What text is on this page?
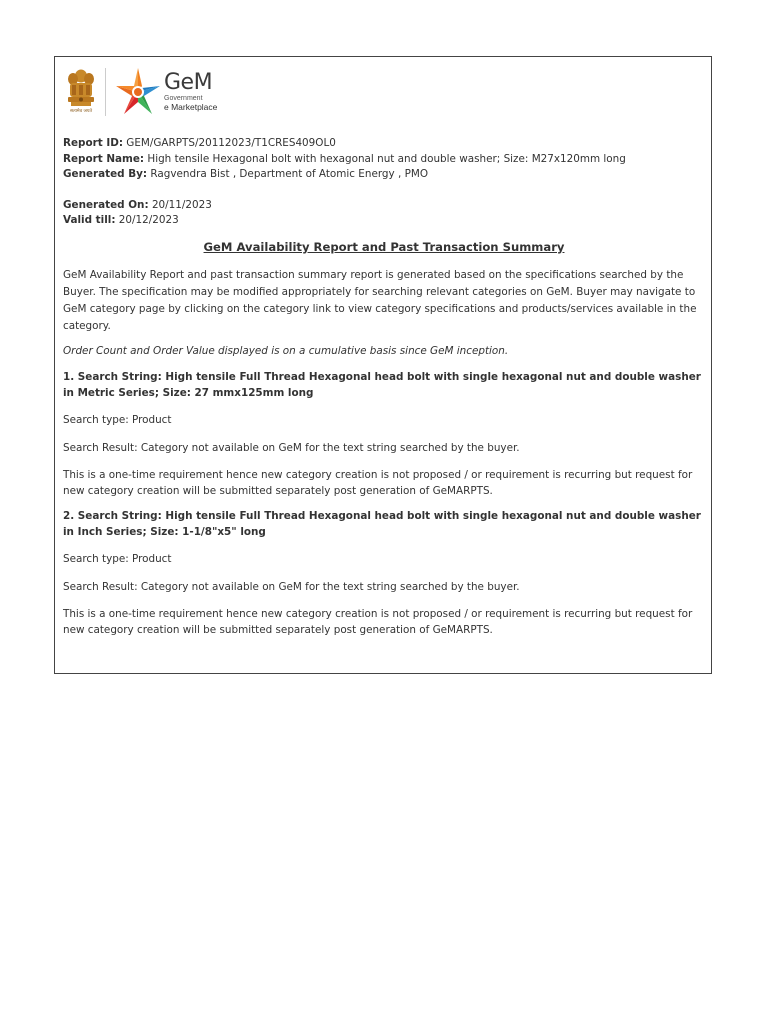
सत्यमेव जयते
GeM
Government
e Marketplace
Report ID: GEM/GARPTS/20112023/T1CRES409OL0
Report Name: High tensile Hexagonal bolt with hexagonal nut and double washer; Size: M27x120mm long
Generated By: Ragvendra Bist , Department of Atomic Energy , PMO
Generated On: 20/11/2023
Valid till: 20/12/2023
GeM Availability Report and Past Transaction Summary

GeM Availability Report and past transaction summary report is generated based on the specifications searched by the Buyer. The specification may be modified appropriately for searching relevant categories on GeM. Buyer may navigate to GeM category page by clicking on the category link to view category specifications and products/services available in the category.

Order Count and Order Value displayed is on a cumulative basis since GeM inception.
1. Search String: High tensile Full Thread Hexagonal head bolt with single hexagonal nut and double washer in Metric Series; Size: 27 mmx125mm long
Search type: Product
Search Result: Category not available on GeM for the text string searched by the buyer.
This is a one-time requirement hence new category creation is not proposed / or requirement is recurring but request for new category creation will be submitted separately post generation of GeMARPTS.
2. Search String: High tensile Full Thread Hexagonal head bolt with single hexagonal nut and double washer in Inch Series; Size: 1-1/8"x5" long
Search type: Product
Search Result: Category not available on GeM for the text string searched by the buyer.
This is a one-time requirement hence new category creation is not proposed / or requirement is recurring but request for new category creation will be submitted separately post generation of GeMARPTS.
